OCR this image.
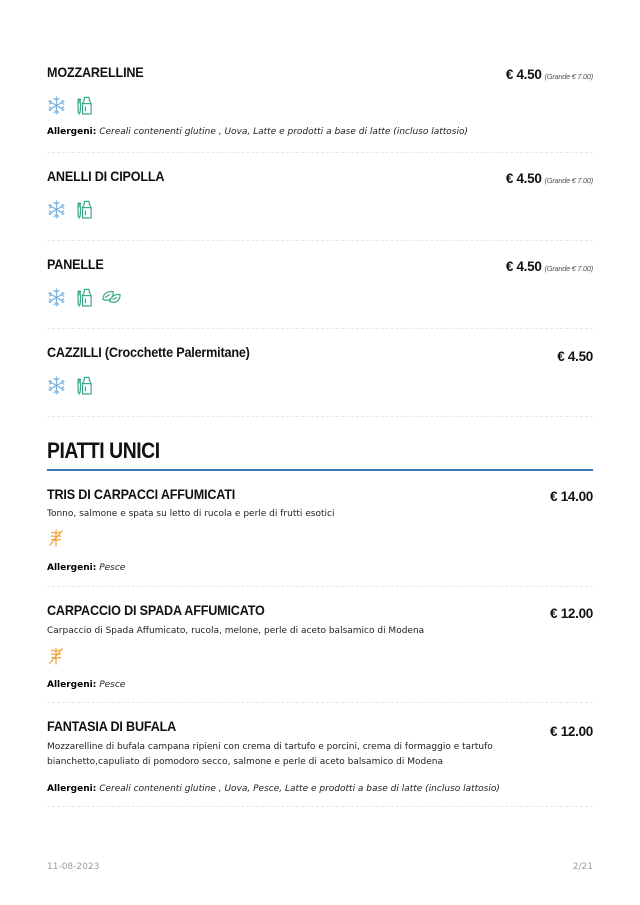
MOZZARELLINE	€ 4.50 (Grande € 7.00)
Allergeni: Cereali contenenti glutine , Uova, Latte e prodotti a base di latte (incluso lattosio)
ANELLI DI CIPOLLA	€ 4.50 (Grande € 7.00)
PANELLE	€ 4.50 (Grande € 7.00)
CAZZILLI (Crocchette Palermitane)	€ 4.50
TRIS DI CARPACCI AFFUMICATI	€ 14.00
Tonno, salmone e spata su letto di rucola e perle di frutti esotici
Allergeni: Pesce
CARPACCIO DI SPADA AFFUMICATO	€ 12.00
Carpaccio di Spada Affumicato, rucola, melone, perle di aceto balsamico di Modena
Allergeni: Pesce
FANTASIA DI BUFALA	€ 12.00
Mozzarelline di bufala campana ripieni con crema di tartufo e porcini, crema di formaggio e tartufo bianchetto,capuliato di pomodoro secco, salmone e perle di aceto balsamico di Modena
Allergeni: Cereali contenenti glutine , Uova, Pesce, Latte e prodotti a base di latte (incluso lattosio)
PIATTI UNICI
11-08-2023	2/21
